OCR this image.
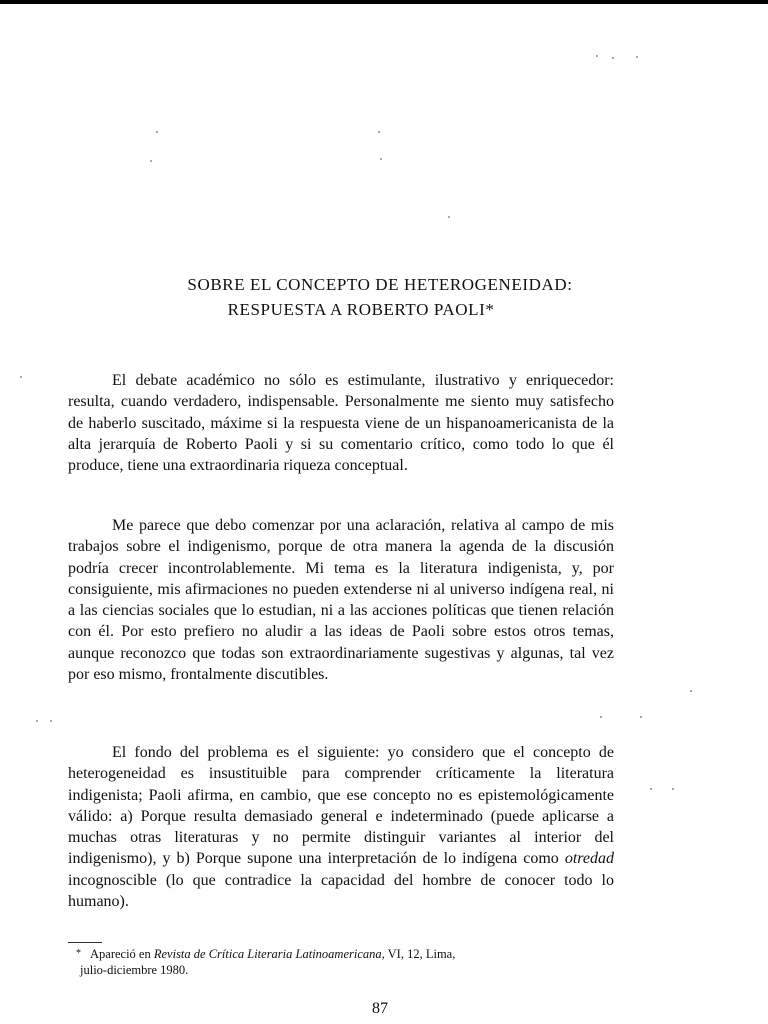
SOBRE EL CONCEPTO DE HETEROGENEIDAD:
RESPUESTA A ROBERTO PAOLI*

El debate académico no sólo es estimulante, ilustrativo y enriquecedor: resulta, cuando verdadero, indispensable. Personalmente me siento muy satisfecho de haberlo suscitado, máxime si la respuesta viene de un hispanoamericanista de la alta jerarquía de Roberto Paoli y si su comentario crítico, como todo lo que él produce, tiene una extraordinaria riqueza conceptual.

Me parece que debo comenzar por una aclaración, relativa al campo de mis trabajos sobre el indigenismo, porque de otra manera la agenda de la discusión podría crecer incontrolablemente. Mi tema es la literatura indigenista, y, por consiguiente, mis afirmaciones no pueden extenderse ni al universo indígena real, ni a las ciencias sociales que lo estudian, ni a las acciones políticas que tienen relación con él. Por esto prefiero no aludir a las ideas de Paoli sobre estos otros temas, aunque reconozco que todas son extraordinariamente sugestivas y algunas, tal vez por eso mismo, frontalmente discutibles.

El fondo del problema es el siguiente: yo considero que el concepto de heterogeneidad es insustituible para comprender críticamente la literatura indigenista; Paoli afirma, en cambio, que ese concepto no es epistemológicamente válido: a) Porque resulta demasiado general e indeterminado (puede aplicarse a muchas otras literaturas y no permite distinguir variantes al interior del indigenismo), y b) Porque supone una interpretación de lo indígena como otredad incognoscible (lo que contradice la capacidad del hombre de conocer todo lo humano).

* Apareció en Revista de Crítica Literaria Latinoamericana, VI, 12, Lima,
julio-diciembre 1980.
87
